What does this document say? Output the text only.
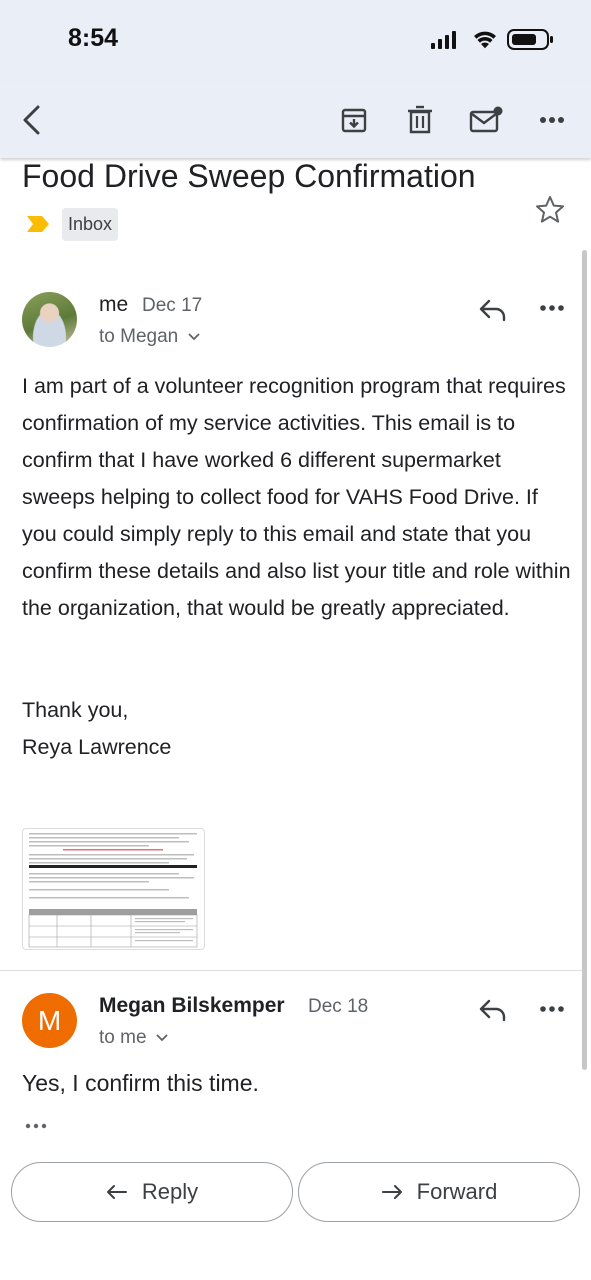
8:54
Food Drive Sweep Confirmation
Inbox
me Dec 17
to Megan
I am part of a volunteer recognition program that requires confirmation of my service activities. This email is to confirm that I have worked 6 different supermarket sweeps helping to collect food for VAHS Food Drive. If you could simply reply to this email and state that you confirm these details and also list your title and role within the organization, that would be greatly appreciated.
Thank you,
Reya Lawrence
M	Megan Bilskemper Dec 18
to me
Yes, I confirm this time.
Reply	Forward
